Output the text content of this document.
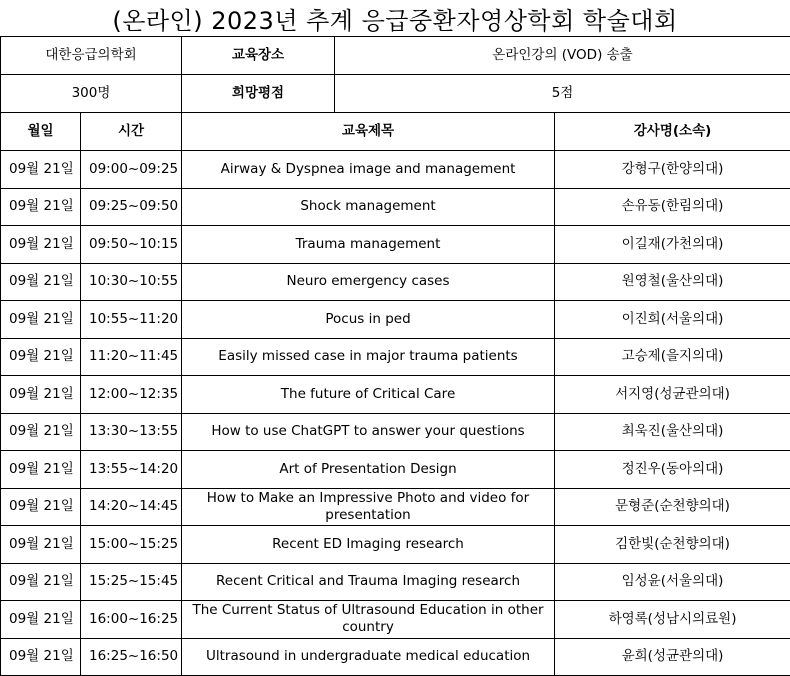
(온라인) 2023년 추계 응급중환자영상학회 학술대회
대한응급의학회		교육장소	온라인강의 (VOD) 송출	
300명		희망평점	5점	
월일	시간	교육제목		강사명(소속)
09월 21일	09:00~09:25	Airway & Dyspnea image and management		강형구(한양의대)
09월 21일	09:25~09:50	Shock management		손유동(한림의대)
09월 21일	09:50~10:15	Trauma management		이길재(가천의대)
09월 21일	10:30~10:55	Neuro emergency cases		원영철(울산의대)
09월 21일	10:55~11:20	Pocus in ped		이진희(서울의대)
09월 21일	11:20~11:45	Easily missed case in major trauma patients		고승제(을지의대)
09월 21일	12:00~12:35	The future of Critical Care		서지영(성균관의대)
09월 21일	13:30~13:55	How to use ChatGPT to answer your questions		최욱진(울산의대)
09월 21일	13:55~14:20	Art of Presentation Design		정진우(동아의대)
09월 21일	14:20~14:45	How to Make an Impressive Photo and video for presentation		문형준(순천향의대)
09월 21일	15:00~15:25	Recent ED Imaging research		김한빛(순천향의대)
09월 21일	15:25~15:45	Recent Critical and Trauma Imaging research		임성윤(서울의대)
09월 21일	16:00~16:25	The Current Status of Ultrasound Education in other country		하영록(성남시의료원)
09월 21일	16:25~16:50	Ultrasound in undergraduate medical education		윤희(성균관의대)
